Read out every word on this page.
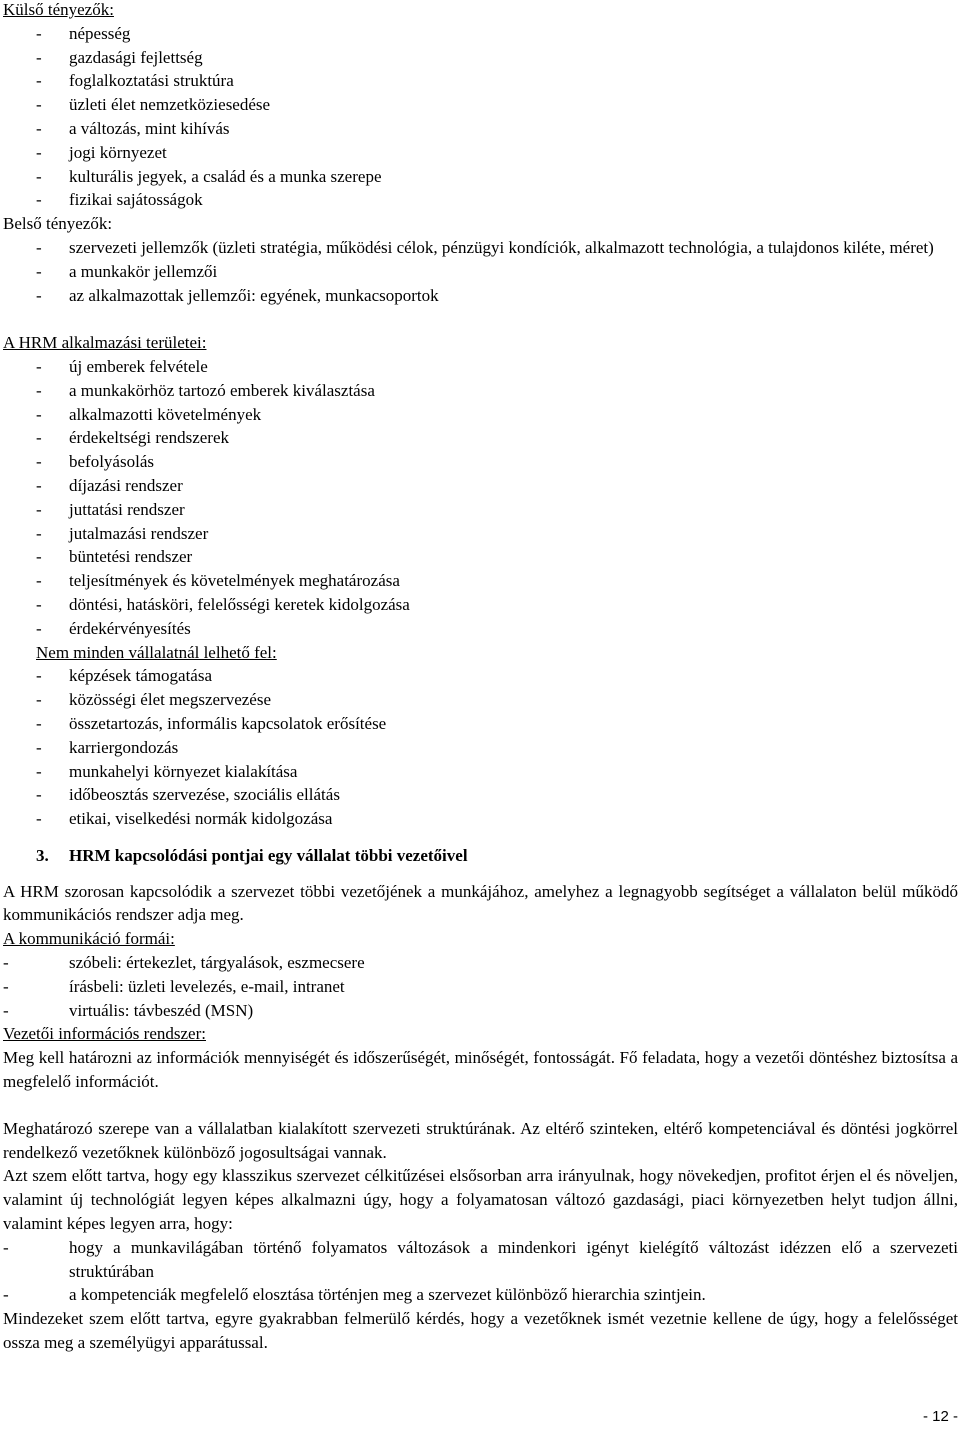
Külső tényezők:
- népesség
- gazdasági fejlettség
- foglalkoztatási struktúra
- üzleti élet nemzetköziesedése
- a változás, mint kihívás
- jogi környezet
- kulturális jegyek, a család és a munka szerepe
- fizikai sajátosságok
Belső tényezők:
- szervezeti jellemzők (üzleti stratégia, működési célok, pénzügyi kondíciók, alkalmazott technológia, a tulajdonos kiléte, méret)
- a munkakör jellemzői
- az alkalmazottak jellemzői: egyének, munkacsoportok
A HRM alkalmazási területei:
- új emberek felvétele
- a munkakörhöz tartozó emberek kiválasztása
- alkalmazotti követelmények
- érdekeltségi rendszerek
- befolyásolás
- díjazási rendszer
- juttatási rendszer
- jutalmazási rendszer
- büntetési rendszer
- teljesítmények és követelmények meghatározása
- döntési, hatásköri, felelősségi keretek kidolgozása
- érdekérvényesítés
Nem minden vállalatnál lelhető fel:
- képzések támogatása
- közösségi élet megszervezése
- összetartozás, informális kapcsolatok erősítése
- karriergondozás
- munkahelyi környezet kialakítása
- időbeosztás szervezése, szociális ellátás
- etikai, viselkedési normák kidolgozása
3. HRM kapcsolódási pontjai egy vállalat többi vezetőivel
A HRM szorosan kapcsolódik a szervezet többi vezetőjének a munkájához, amelyhez a legnagyobb segítséget a vállalaton belül működő kommunikációs rendszer adja meg.
A kommunikáció formái:
-	szóbeli: értekezlet, tárgyalások, eszmecsere
-	írásbeli: üzleti levelezés, e-mail, intranet
-	virtuális: távbeszéd (MSN)
Vezetői információs rendszer:
Meg kell határozni az információk mennyiségét és időszerűségét, minőségét, fontosságát. Fő feladata, hogy a vezetői döntéshez biztosítsa a megfelelő információt.
Meghatározó szerepe van a vállalatban kialakított szervezeti struktúrának. Az eltérő szinteken, eltérő kompetenciával és döntési jogkörrel rendelkező vezetőknek különböző jogosultságai vannak.
Azt szem előtt tartva, hogy egy klasszikus szervezet célkitűzései elsősorban arra irányulnak, hogy növekedjen, profitot érjen el és növeljen, valamint új technológiát legyen képes alkalmazni úgy, hogy a folyamatosan változó gazdasági, piaci környezetben helyt tudjon állni, valamint képes legyen arra, hogy:
-	hogy a munkavilágában történő folyamatos változások a mindenkori igényt kielégítő változást idézzen elő a szervezeti struktúrában
-	a kompetenciák megfelelő elosztása történjen meg a szervezet különböző hierarchia szintjein.
Mindezeket szem előtt tartva, egyre gyakrabban felmerülő kérdés, hogy a vezetőknek ismét vezetnie kellene de úgy, hogy a felelősséget ossza meg a személyügyi apparátussal.
- 12 -
